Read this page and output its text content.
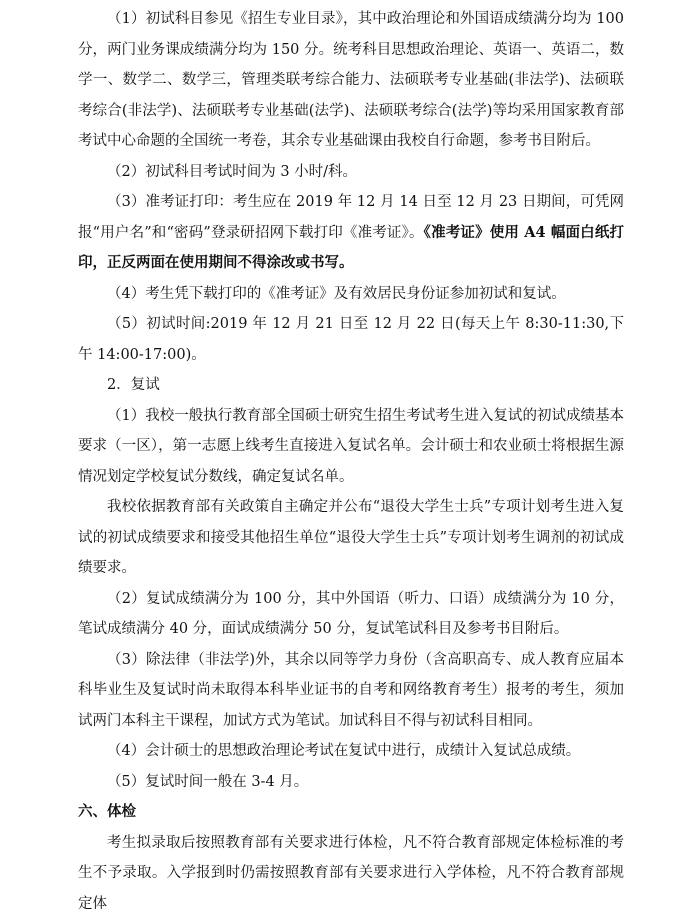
（1）初试科目参见《招生专业目录》，其中政治理论和外国语成绩满分均为 100 分，两门业务课成绩满分均为 150 分。统考科目思想政治理论、英语一、英语二，数学一、数学二、数学三，管理类联考综合能力、法硕联考专业基础(非法学)、法硕联考综合(非法学)、法硕联考专业基础(法学)、法硕联考综合(法学)等均采用国家教育部考试中心命题的全国统一考卷，其余专业基础课由我校自行命题，参考书目附后。

（2）初试科目考试时间为 3 小时/科。

（3）准考证打印：考生应在 2019 年 12 月 14 日至 12 月 23 日期间，可凭网报“用户名”和“密码”登录研招网下载打印《准考证》。《准考证》使用 A4 幅面白纸打印，正反两面在使用期间不得涂改或书写。

（4）考生凭下载打印的《准考证》及有效居民身份证参加初试和复试。

（5）初试时间:2019 年 12 月 21 日至 12 月 22 日(每天上午 8:30-11:30,下午 14:00-17:00)。

2．复试

（1）我校一般执行教育部全国硕士研究生招生考试考生进入复试的初试成绩基本要求（一区），第一志愿上线考生直接进入复试名单。会计硕士和农业硕士将根据生源情况划定学校复试分数线，确定复试名单。

我校依据教育部有关政策自主确定并公布“退役大学生士兵”专项计划考生进入复试的初试成绩要求和接受其他招生单位“退役大学生士兵”专项计划考生调剂的初试成绩要求。

（2）复试成绩满分为 100 分，其中外国语（听力、口语）成绩满分为 10 分，笔试成绩满分 40 分，面试成绩满分 50 分，复试笔试科目及参考书目附后。

（3）除法律（非法学)外，其余以同等学力身份（含高职高专、成人教育应届本科毕业生及复试时尚未取得本科毕业证书的自考和网络教育考生）报考的考生，须加试两门本科主干课程，加试方式为笔试。加试科目不得与初试科目相同。

（4）会计硕士的思想政治理论考试在复试中进行，成绩计入复试总成绩。

（5）复试时间一般在 3-4 月。

六、体检

考生拟录取后按照教育部有关要求进行体检，凡不符合教育部规定体检标准的考生不予录取。入学报到时仍需按照教育部有关要求进行入学体检，凡不符合教育部规定体
